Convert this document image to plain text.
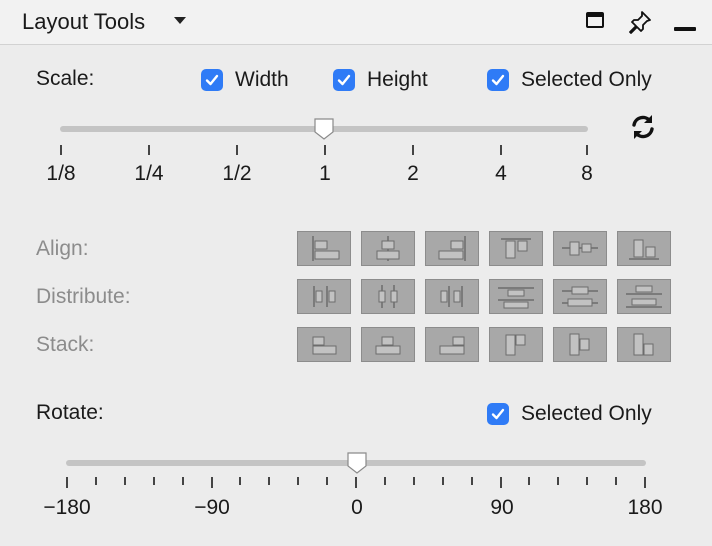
Layout Tools
Scale:	Width	Height	Selected Only
1/8	1/4	1/2	1	2	4	8
Align:
Distribute:
Stack:
Rotate:	Selected Only
−180	−90	0	90	180
